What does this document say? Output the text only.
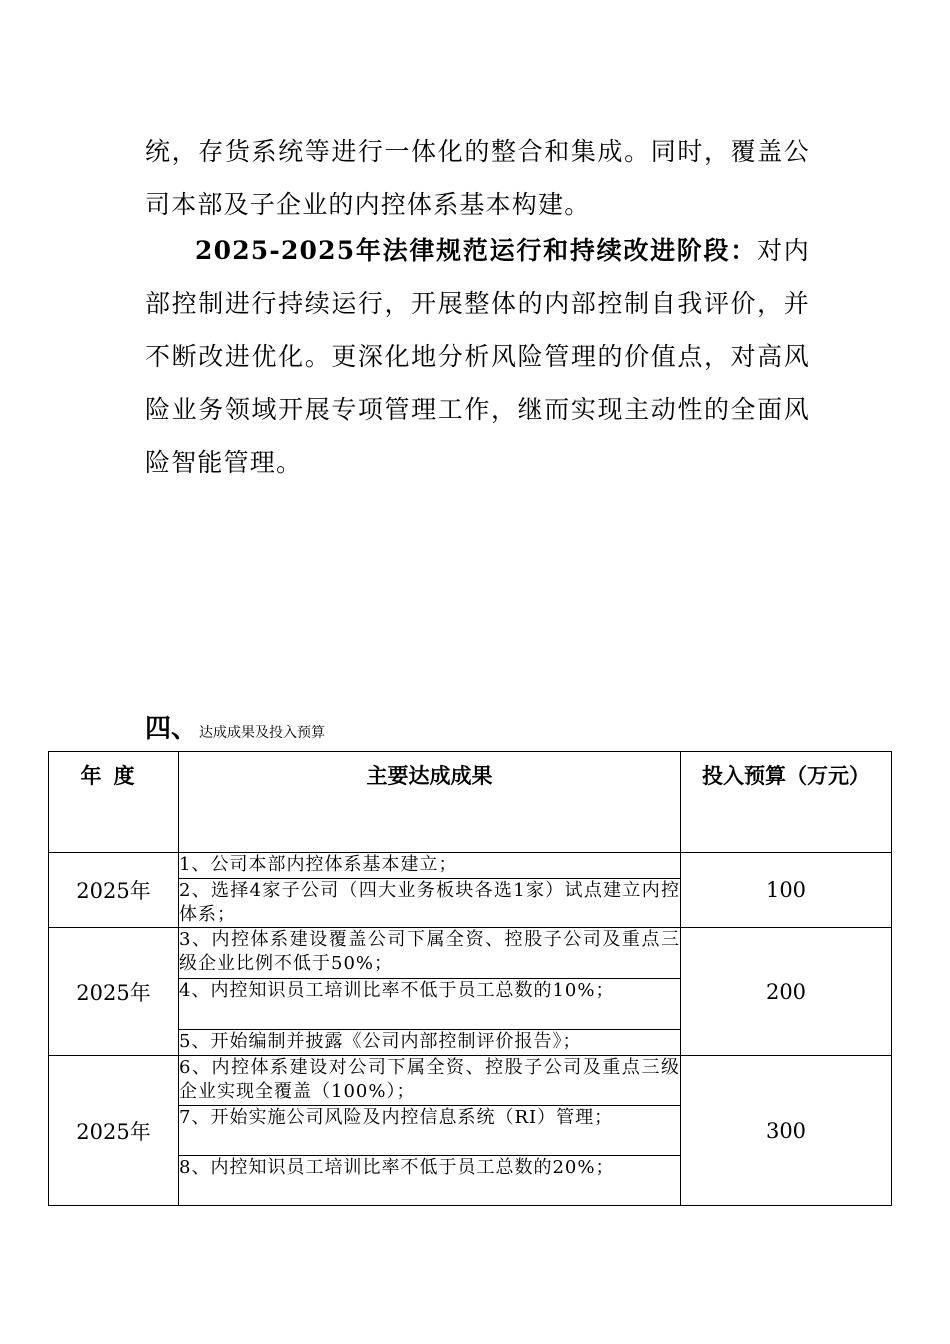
统，存货系统等进行一体化的整合和集成。同时，覆盖公司本部及子企业的内控体系基本构建。

2025-2025年法律规范运行和持续改进阶段：对内部控制进行持续运行，开展整体的内部控制自我评价，并不断改进优化。更深化地分析风险管理的价值点，对高风险业务领域开展专项管理工作，继而实现主动性的全面风险智能管理。

四、 达成成果及投入预算
年度	主要达成成果	投入预算（万元）
2025年	1、公司本部内控体系基本建立；	100
	2、选择4家子公司（四大业务板块各选1家）试点建立内控体系；	
2025年	3、内控体系建设覆盖公司下属全资、控股子公司及重点三级企业比例不低于50%；	200
	4、内控知识员工培训比率不低于员工总数的10%；	
	5、开始编制并披露《公司内部控制评价报告》；	
2025年	6、内控体系建设对公司下属全资、控股子公司及重点三级企业实现全覆盖（100%）；	300
	7、开始实施公司风险及内控信息系统（RI）管理；	
	8、内控知识员工培训比率不低于员工总数的20%；	
